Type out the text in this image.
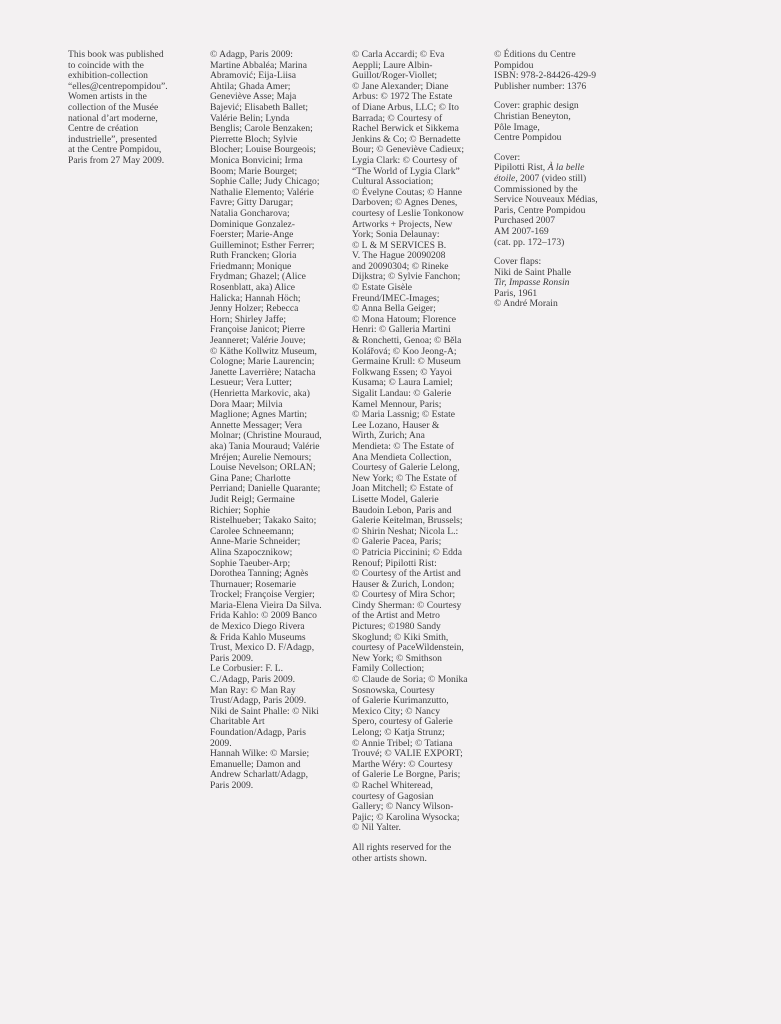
This book was published
to coincide with the
exhibition-collection
“elles@centrepompidou”.
Women artists in the
collection of the Musée
national d’art moderne,
Centre de création
industrielle”, presented
at the Centre Pompidou,
Paris from 27 May 2009.

© Adagp, Paris 2009:
Martine Abbaléa; Marina
Abramović; Eija-Liisa
Ahtila; Ghada Amer;
Geneviève Asse; Maja
Bajević; Elisabeth Ballet;
Valérie Belin; Lynda
Benglis; Carole Benzaken;
Pierrette Bloch; Sylvie
Blocher; Louise Bourgeois;
Monica Bonvicini; Irma
Boom; Marie Bourget;
Sophie Calle; Judy Chicago;
Nathalie Elemento; Valérie
Favre; Gitty Darugar;
Natalia Goncharova;
Dominique Gonzalez-
Foerster; Marie-Ange
Guilleminot; Esther Ferrer;
Ruth Francken; Gloria
Friedmann; Monique
Frydman; Ghazel; (Alice
Rosenblatt, aka) Alice
Halicka; Hannah Höch;
Jenny Holzer; Rebecca
Horn; Shirley Jaffe;
Françoise Janicot; Pierre
Jeanneret; Valérie Jouve;
© Käthe Kollwitz Museum,
Cologne; Marie Laurencin;
Janette Laverrière; Natacha
Lesueur; Vera Lutter;
(Henrietta Markovic, aka)
Dora Maar; Milvia
Maglione; Agnes Martin;
Annette Messager; Vera
Molnar; (Christine Mouraud,
aka) Tania Mouraud; Valérie
Mréjen; Aurelie Nemours;
Louise Nevelson; ORLAN;
Gina Pane; Charlotte
Perriand; Danielle Quarante;
Judit Reigl; Germaine
Richier; Sophie
Ristelhueber; Takako Saito;
Carolee Schneemann;
Anne-Marie Schneider;
Alina Szapocznikow;
Sophie Taeuber-Arp;
Dorothea Tanning; Agnès
Thurnauer; Rosemarie
Trockel; Françoise Vergier;
Maria-Elena Vieira Da Silva.
Frida Kahlo: © 2009 Banco
de Mexico Diego Rivera
& Frida Kahlo Museums
Trust, Mexico D. F/Adagp,
Paris 2009.
Le Corbusier: F. L.
C./Adagp, Paris 2009.
Man Ray: © Man Ray
Trust/Adagp, Paris 2009.
Niki de Saint Phalle: © Niki
Charitable Art
Foundation/Adagp, Paris
2009.
Hannah Wilke: © Marsie;
Emanuelle; Damon and
Andrew Scharlatt/Adagp,
Paris 2009.

© Carla Accardi; © Eva
Aeppli; Laure Albin-
Guillot/Roger-Viollet;
© Jane Alexander; Diane
Arbus: © 1972 The Estate
of Diane Arbus, LLC; © Ito
Barrada; © Courtesy of
Rachel Berwick et Sikkema
Jenkins & Co; © Bernadette
Bour; © Geneviève Cadieux;
Lygia Clark: © Courtesy of
“The World of Lygia Clark”
Cultural Association;
© Évelyne Coutas; © Hanne
Darboven; © Agnes Denes,
courtesy of Leslie Tonkonow
Artworks + Projects, New
York; Sonia Delaunay:
© L & M SERVICES B.
V. The Hague 20090208
and 20090304; © Rineke
Dijkstra; © Sylvie Fanchon;
© Estate Gisèle
Freund/IMEC-Images;
© Anna Bella Geiger;
© Mona Hatoum; Florence
Henri: © Galleria Martini
& Ronchetti, Genoa; © Běla
Kolářová; © Koo Jeong-A;
Germaine Krull: © Museum
Folkwang Essen; © Yayoi
Kusama; © Laura Lamiel;
Sigalit Landau: © Galerie
Kamel Mennour, Paris;
© Maria Lassnig; © Estate
Lee Lozano, Hauser &
Wirth, Zurich; Ana
Mendieta: © The Estate of
Ana Mendieta Collection,
Courtesy of Galerie Lelong,
New York; © The Estate of
Joan Mitchell; © Estate of
Lisette Model, Galerie
Baudoin Lebon, Paris and
Galerie Keitelman, Brussels;
© Shirin Neshat; Nicola L.:
© Galerie Pacea, Paris;
© Patricia Piccinini; © Edda
Renouf; Pipilotti Rist:
© Courtesy of the Artist and
Hauser & Zurich, London;
© Courtesy of Mira Schor;
Cindy Sherman: © Courtesy
of the Artist and Metro
Pictures; ©1980 Sandy
Skoglund; © Kiki Smith,
courtesy of PaceWildenstein,
New York; © Smithson
Family Collection;
© Claude de Soria; © Monika
Sosnowska, Courtesy
of Galerie Kurimanzutto,
Mexico City; © Nancy
Spero, courtesy of Galerie
Lelong; © Katja Strunz;
© Annie Tribel; © Tatiana
Trouvé; © VALIE EXPORT;
Marthe Wéry: © Courtesy
of Galerie Le Borgne, Paris;
© Rachel Whiteread,
courtesy of Gagosian
Gallery; © Nancy Wilson-
Pajic; © Karolina Wysocka;
© Nil Yalter.

All rights reserved for the
other artists shown.

© Éditions du Centre
Pompidou
ISBN: 978-2-84426-429-9
Publisher number: 1376

Cover: graphic design
Christian Beneyton,
Pôle Image,
Centre Pompidou

Cover:
Pipilotti Rist, À la belle
étoile, 2007 (video still)
Commissioned by the
Service Nouveaux Médias,
Paris, Centre Pompidou
Purchased 2007
AM 2007-169
(cat. pp. 172–173)

Cover flaps:
Niki de Saint Phalle
Tir, Impasse Ronsin
Paris, 1961
© André Morain
